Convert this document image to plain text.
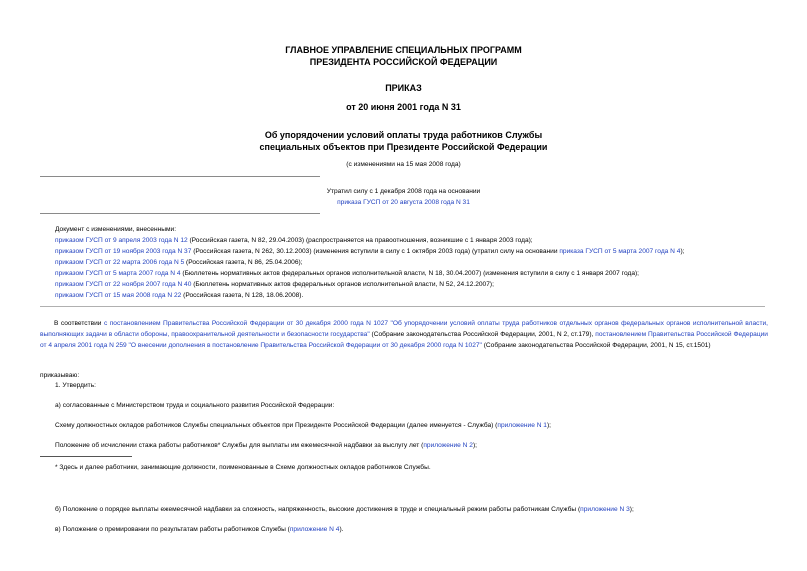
ГЛАВНОЕ УПРАВЛЕНИЕ СПЕЦИАЛЬНЫХ ПРОГРАММ
ПРЕЗИДЕНТА РОССИЙСКОЙ ФЕДЕРАЦИИ
ПРИКАЗ
от 20 июня 2001 года N 31
Об упорядочении условий оплаты труда работников Службы
специальных объектов при Президенте Российской Федерации
(с изменениями на 15 мая 2008 года)
Утратил силу с 1 декабря 2008 года на основании
приказа ГУСП от 20 августа 2008 года N 31
Документ с изменениями, внесенными:
приказом ГУСП от 9 апреля 2003 года N 12 (Российская газета, N 82, 29.04.2003) (распространяется на правоотношения, возникшие с 1 января 2003 года);
приказом ГУСП от 19 ноября 2003 года N 37 (Российская газета, N 262, 30.12.2003) (изменения вступили в силу с 1 октября 2003 года) (утратил силу на основании приказа ГУСП от 5 марта 2007 года N 4);
приказом ГУСП от 22 марта 2006 года N 5 (Российская газета, N 86, 25.04.2006);
приказом ГУСП от 5 марта 2007 года N 4 (Бюллетень нормативных актов федеральных органов исполнительной власти, N 18, 30.04.2007) (изменения вступили в силу с 1 января 2007 года);
приказом ГУСП от 22 ноября 2007 года N 40 (Бюллетень нормативных актов федеральных органов исполнительной власти, N 52, 24.12.2007);
приказом ГУСП от 15 мая 2008 года N 22 (Российская газета, N 128, 18.06.2008).
В соответствии с постановлением Правительства Российской Федерации от 30 декабря 2000 года N 1027 "Об упорядочении условий оплаты труда работников отдельных органов федеральных органов исполнительной власти, выполняющих задачи в области обороны, правоохранительной деятельности и безопасности государства" (Собрание законодательства Российской Федерации, 2001, N 2, ст.179), постановлением Правительства Российской Федерации от 4 апреля 2001 года N 259 "О внесении дополнения в постановление Правительства Российской Федерации от 30 декабря 2000 года N 1027" (Собрание законодательства Российской Федерации, 2001, N 15, ст.1501)
приказываю:
1. Утвердить:
а) согласованные с Министерством труда и социального развития Российской Федерации:
Схему должностных окладов работников Службы специальных объектов при Президенте Российской Федерации (далее именуется - Служба) (приложение N 1);
Положение об исчислении стажа работы работников* Службы для выплаты им ежемесячной надбавки за выслугу лет (приложение N 2);
* Здесь и далее работники, занимающие должности, поименованные в Схеме должностных окладов работников Службы.
б) Положение о порядке выплаты ежемесячной надбавки за сложность, напряженность, высокие достижения в труде и специальный режим работы работникам Службы (приложение N 3);
в) Положение о премировании по результатам работы работников Службы (приложение N 4).
